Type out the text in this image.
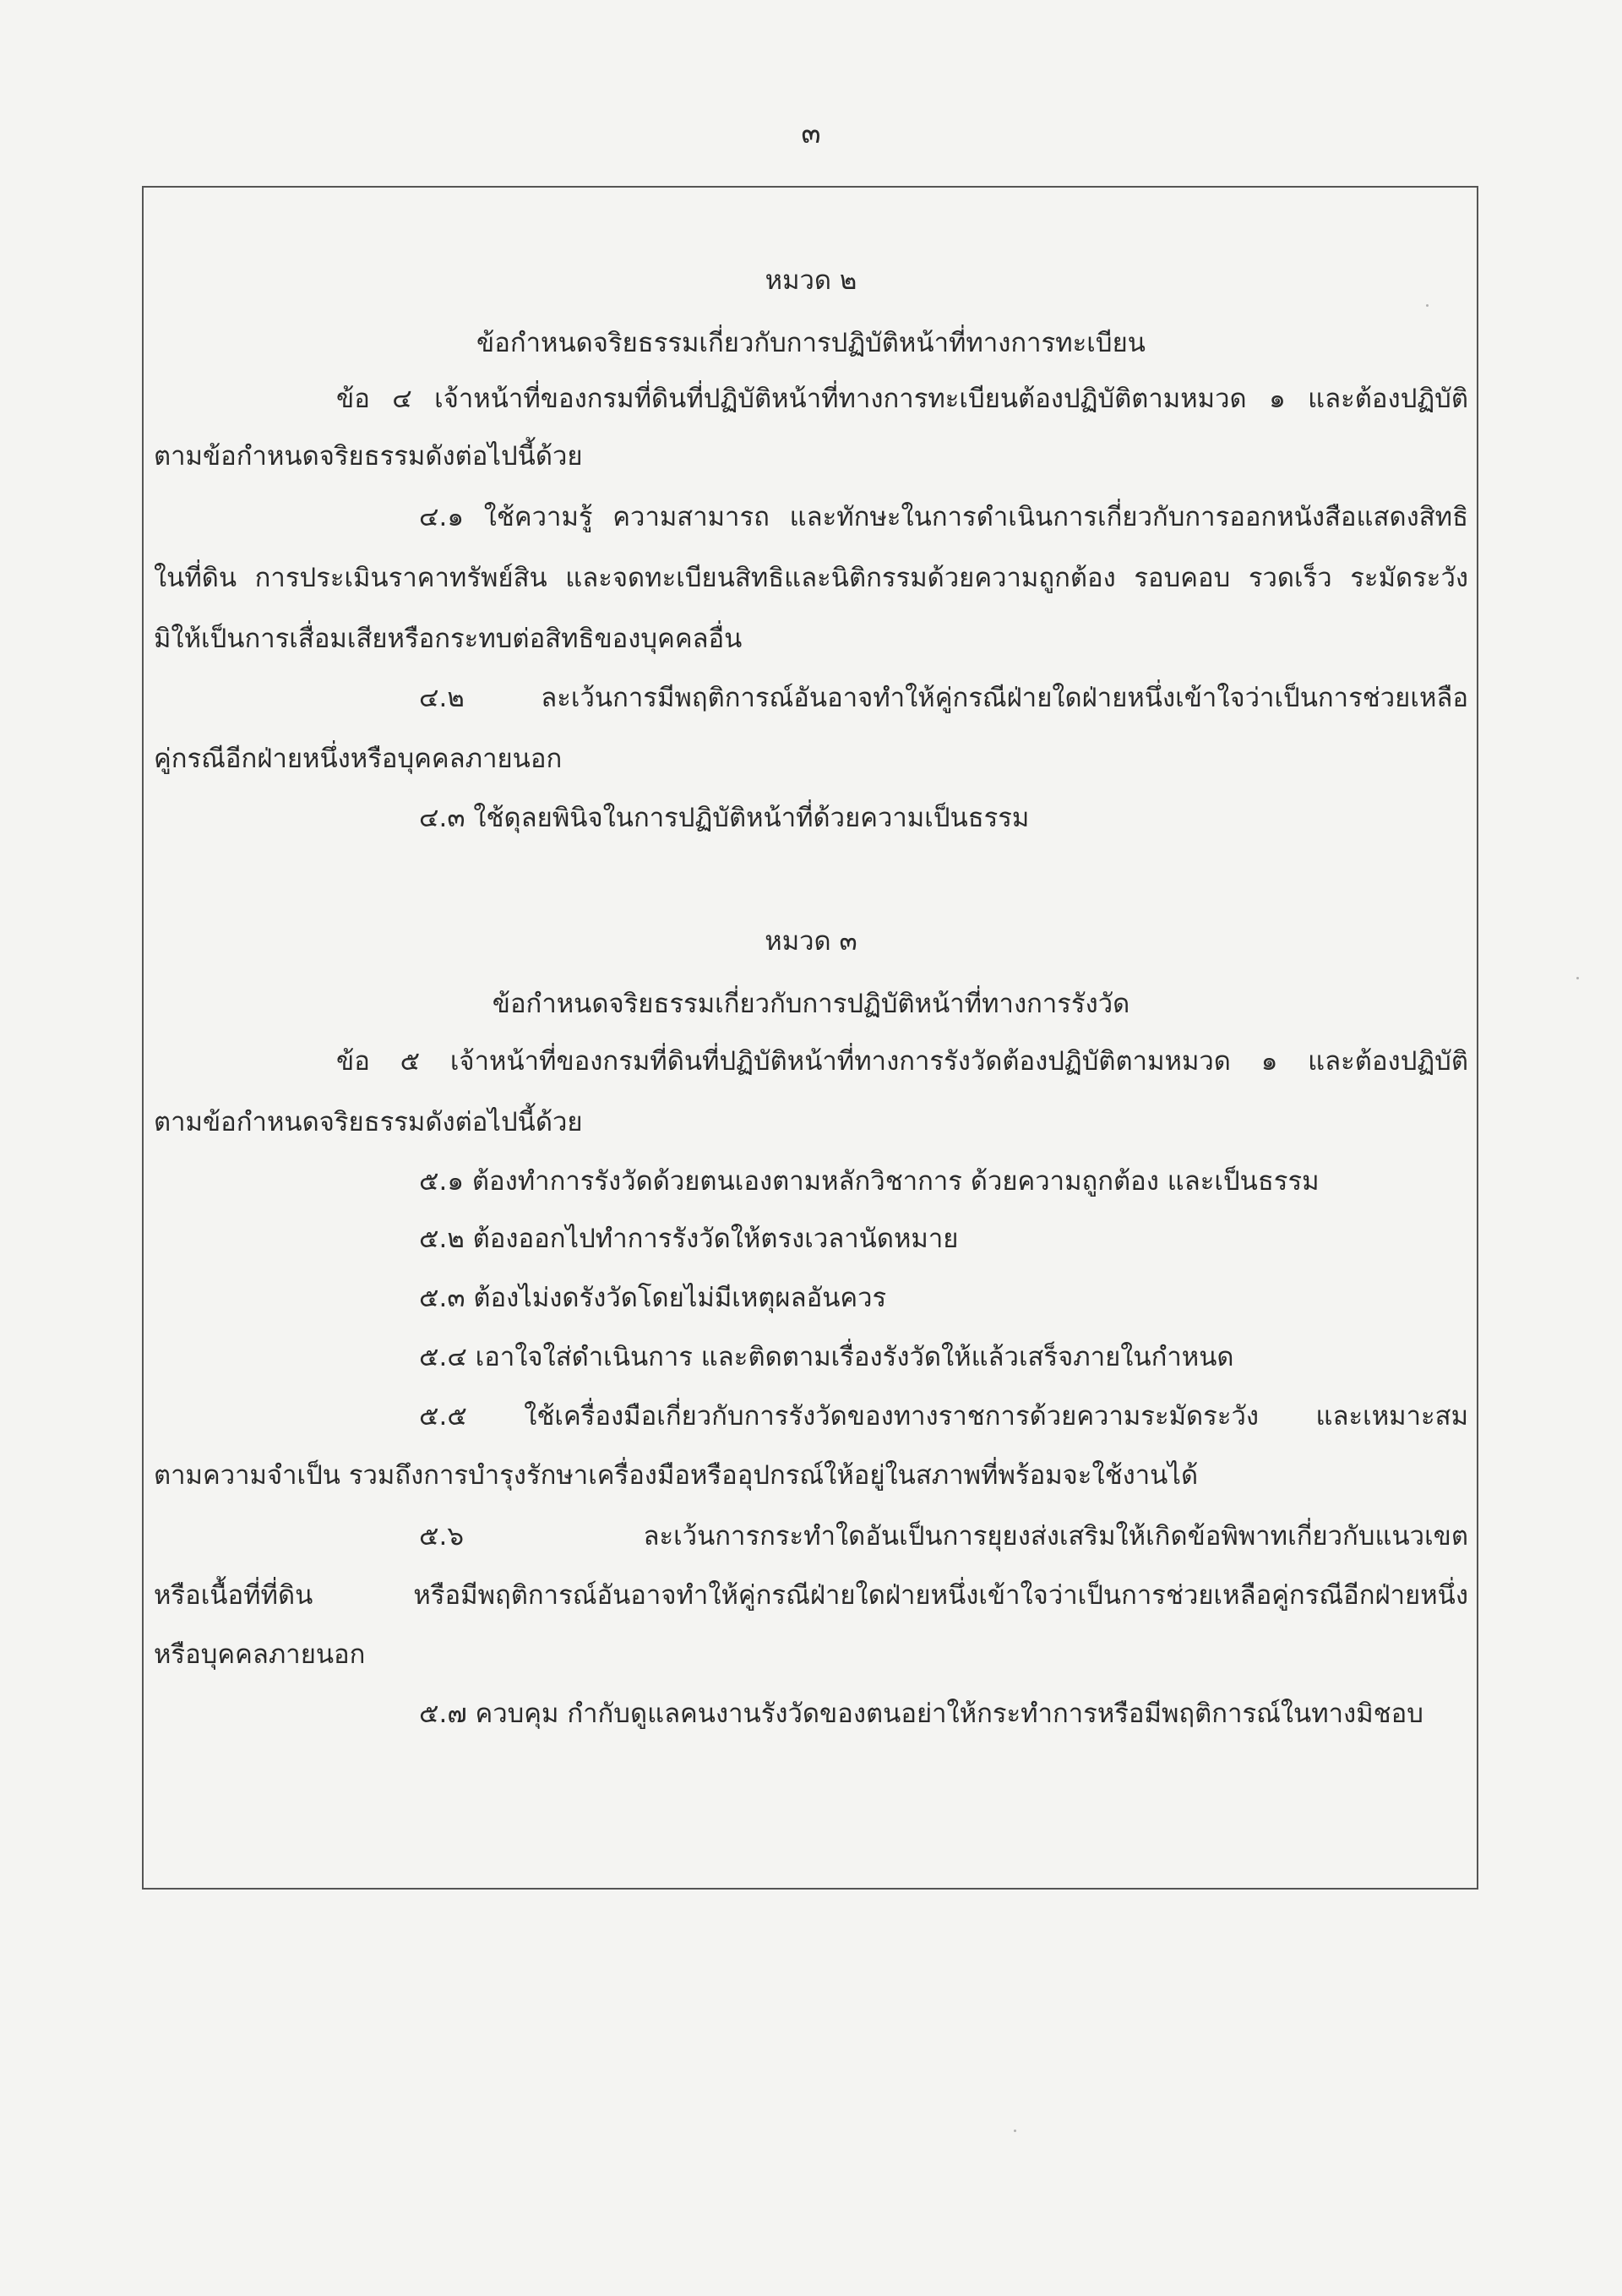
๓
หมวด ๒
ข้อกำหนดจริยธรรมเกี่ยวกับการปฏิบัติหน้าที่ทางการทะเบียน
ข้อ ๔ เจ้าหน้าที่ของกรมที่ดินที่ปฏิบัติหน้าที่ทางการทะเบียนต้องปฏิบัติตามหมวด ๑ และต้องปฏิบัติ
ตามข้อกำหนดจริยธรรมดังต่อไปนี้ด้วย
๔.๑ ใช้ความรู้ ความสามารถ และทักษะในการดำเนินการเกี่ยวกับการออกหนังสือแสดงสิทธิ
ในที่ดิน การประเมินราคาทรัพย์สิน และจดทะเบียนสิทธิและนิติกรรมด้วยความถูกต้อง รอบคอบ รวดเร็ว ระมัดระวัง
มิให้เป็นการเสื่อมเสียหรือกระทบต่อสิทธิของบุคคลอื่น
๔.๒ ละเว้นการมีพฤติการณ์อันอาจทำให้คู่กรณีฝ่ายใดฝ่ายหนึ่งเข้าใจว่าเป็นการช่วยเหลือ
คู่กรณีอีกฝ่ายหนึ่งหรือบุคคลภายนอก
๔.๓ ใช้ดุลยพินิจในการปฏิบัติหน้าที่ด้วยความเป็นธรรม
หมวด ๓
ข้อกำหนดจริยธรรมเกี่ยวกับการปฏิบัติหน้าที่ทางการรังวัด
ข้อ ๕ เจ้าหน้าที่ของกรมที่ดินที่ปฏิบัติหน้าที่ทางการรังวัดต้องปฏิบัติตามหมวด ๑ และต้องปฏิบัติ
ตามข้อกำหนดจริยธรรมดังต่อไปนี้ด้วย
๕.๑ ต้องทำการรังวัดด้วยตนเองตามหลักวิชาการ ด้วยความถูกต้อง และเป็นธรรม
๕.๒ ต้องออกไปทำการรังวัดให้ตรงเวลานัดหมาย
๕.๓ ต้องไม่งดรังวัดโดยไม่มีเหตุผลอันควร
๕.๔ เอาใจใส่ดำเนินการ และติดตามเรื่องรังวัดให้แล้วเสร็จภายในกำหนด
๕.๕ ใช้เครื่องมือเกี่ยวกับการรังวัดของทางราชการด้วยความระมัดระวัง และเหมาะสม
ตามความจำเป็น รวมถึงการบำรุงรักษาเครื่องมือหรืออุปกรณ์ให้อยู่ในสภาพที่พร้อมจะใช้งานได้
๕.๖ ละเว้นการกระทำใดอันเป็นการยุยงส่งเสริมให้เกิดข้อพิพาทเกี่ยวกับแนวเขต
หรือเนื้อที่ที่ดิน หรือมีพฤติการณ์อันอาจทำให้คู่กรณีฝ่ายใดฝ่ายหนึ่งเข้าใจว่าเป็นการช่วยเหลือคู่กรณีอีกฝ่ายหนึ่ง
หรือบุคคลภายนอก
๕.๗ ควบคุม กำกับดูแลคนงานรังวัดของตนอย่าให้กระทำการหรือมีพฤติการณ์ในทางมิชอบ
